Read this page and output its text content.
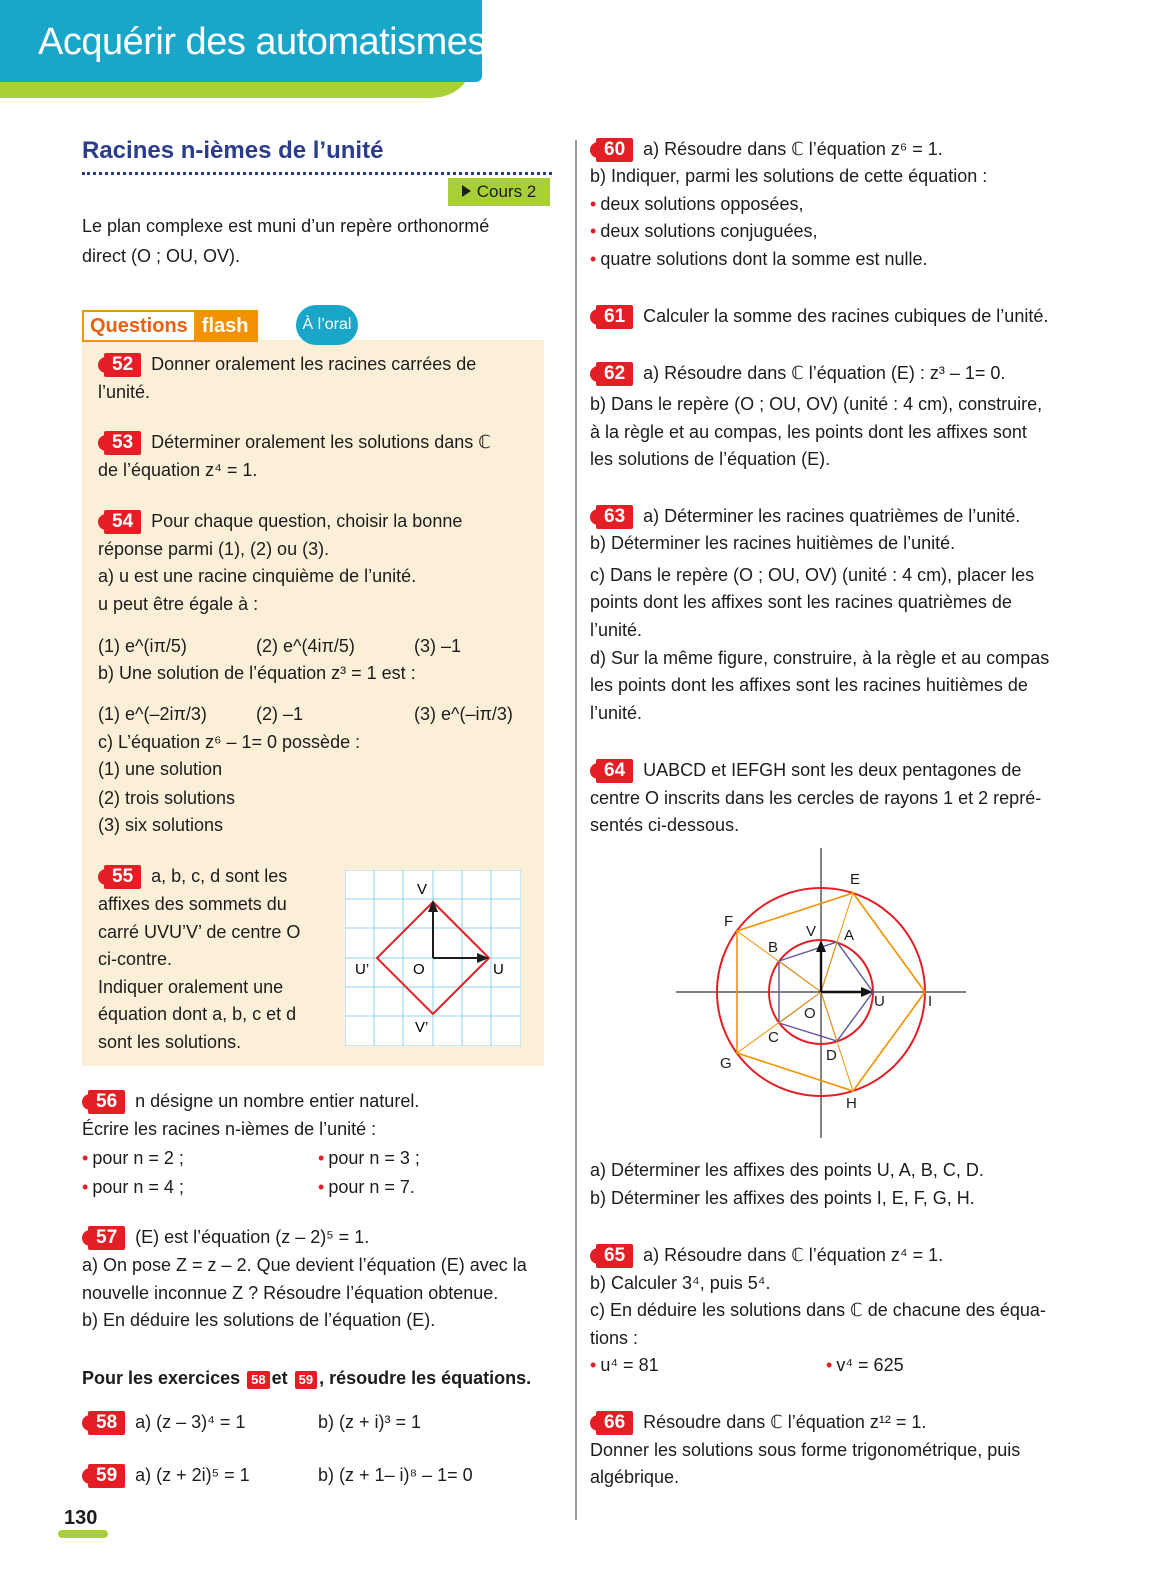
Acquérir des automatismes
Racines n-ièmes de l’unité
Cours 2
Le plan complexe est muni d’un repère orthonormé
direct (O ; OU, OV).
Questions flash	À l’oral
52 Donner oralement les racines carrées de
l’unité.
53 Déterminer oralement les solutions dans ℂ
de l’équation z⁴ = 1.
54 Pour chaque question, choisir la bonne
réponse parmi (1), (2) ou (3).
a) u est une racine cinquième de l’unité.
u peut être égale à :
(1) e^(iπ/5)	(2) e^(4iπ/5)	(3) –1
b) Une solution de l’équation z³ = 1 est :
(1) e^(–2iπ/3)	(2) –1	(3) e^(–iπ/3)
c) L’équation z⁶ – 1= 0 possède :
(1) une solution
(2) trois solutions
(3) six solutions
55 a, b, c, d sont les
affixes des sommets du
carré UVU’V’ de centre O
ci-contre.
Indiquer oralement une
équation dont a, b, c et d
sont les solutions.
V
U’	O	U
V’
56 n désigne un nombre entier naturel.
Écrire les racines n-ièmes de l’unité :
• pour n = 2 ;	• pour n = 3 ;
• pour n = 4 ;	• pour n = 7.
57 (E) est l’équation (z – 2)⁵ = 1.
a) On pose Z = z – 2. Que devient l’équation (E) avec la
nouvelle inconnue Z ? Résoudre l’équation obtenue.
b) En déduire les solutions de l’équation (E).
Pour les exercices 58 et 59 , résoudre les équations.
58 a) (z – 3)⁴ = 1	b) (z + i)³ = 1
59 a) (z + 2i)⁵ = 1	b) (z + 1– i)⁸ – 1= 0
60 a) Résoudre dans ℂ l’équation z⁶ = 1.
b) Indiquer, parmi les solutions de cette équation :
• deux solutions opposées,
• deux solutions conjuguées,
• quatre solutions dont la somme est nulle.
61 Calculer la somme des racines cubiques de l’unité.
62 a) Résoudre dans ℂ l’équation (E) : z³ – 1= 0.
b) Dans le repère (O ; OU, OV) (unité : 4 cm), construire,
à la règle et au compas, les points dont les affixes sont
les solutions de l’équation (E).
63 a) Déterminer les racines quatrièmes de l’unité.
b) Déterminer les racines huitièmes de l’unité.
c) Dans le repère (O ; OU, OV) (unité : 4 cm), placer les
points dont les affixes sont les racines quatrièmes de
l’unité.
d) Sur la même figure, construire, à la règle et au compas
les points dont les affixes sont les racines huitièmes de
l’unité.
64 UABCD et IEFGH sont les deux pentagones de
centre O inscrits dans les cercles de rayons 1 et 2 repré-
sentés ci-dessous.
E
F
V A
B
U	I
O
C
D
G
H
a) Déterminer les affixes des points U, A, B, C, D.
b) Déterminer les affixes des points I, E, F, G, H.
65 a) Résoudre dans ℂ l’équation z⁴ = 1.
b) Calculer 3⁴, puis 5⁴.
c) En déduire les solutions dans ℂ de chacune des équa-
tions :
• u⁴ = 81	• v⁴ = 625
66 Résoudre dans ℂ l’équation z¹² = 1.
Donner les solutions sous forme trigonométrique, puis
algébrique.
130
